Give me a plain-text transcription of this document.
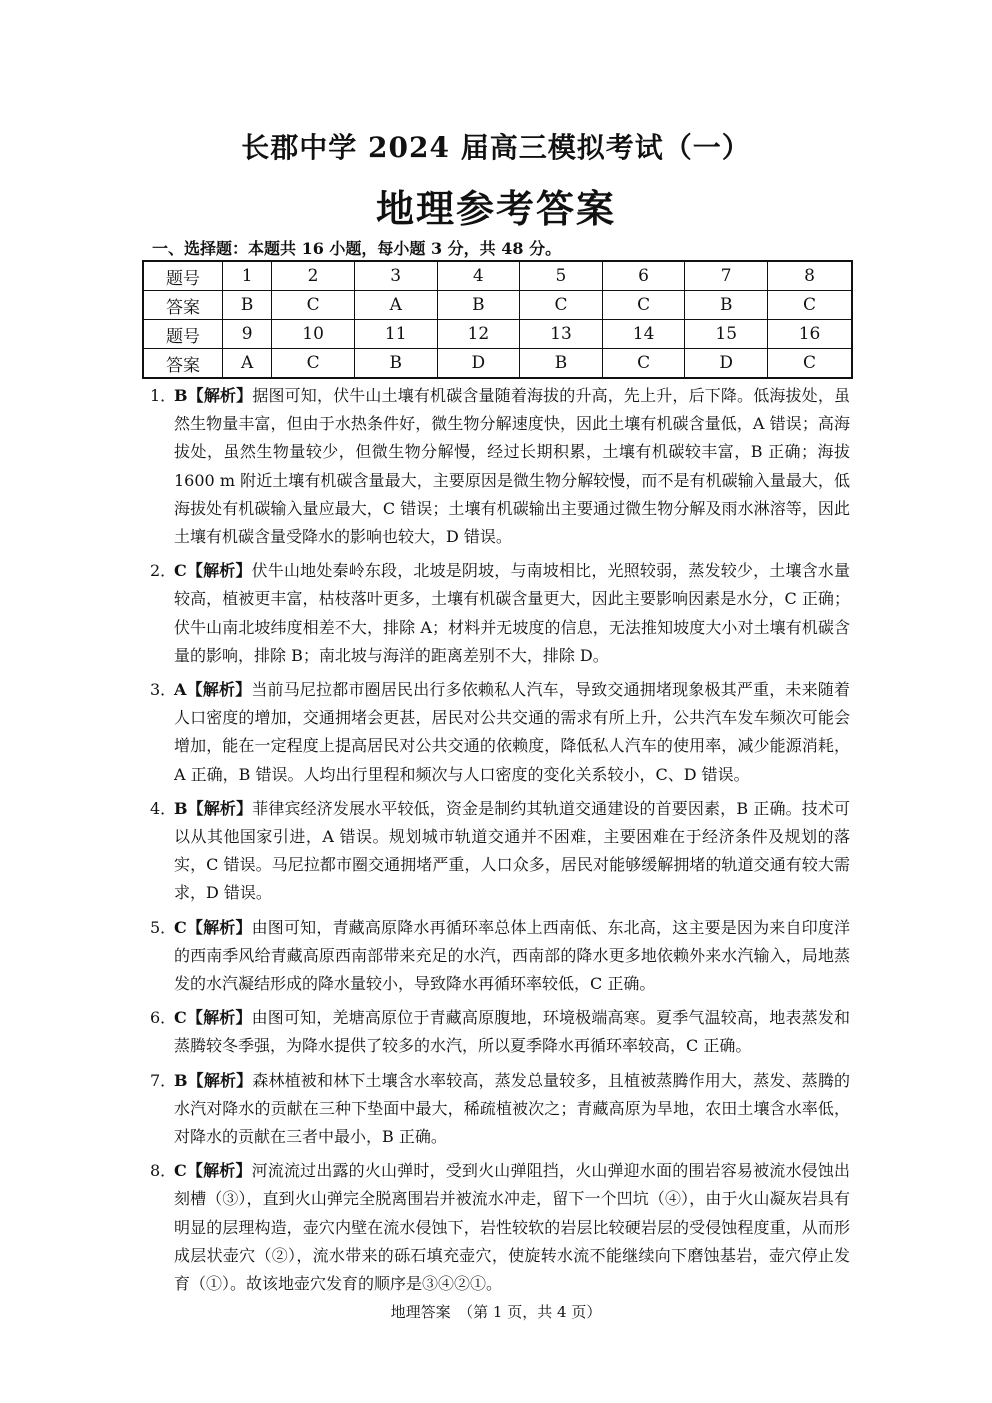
长郡中学 2024 届高三模拟考试（一）
地理参考答案
一、选择题：本题共 16 小题，每小题 3 分，共 48 分。
题号	1	2	3	4	5	6	7	8
答案	B	C	A	B	C	C	B	C
题号	9	10	11	12	13	14	15	16
答案	A	C	B	D	B	C	D	C
1．
B【解析】据图可知，伏牛山土壤有机碳含量随着海拔的升高，先上升，后下降。低海拔处，虽然生物量丰富，但由于水热条件好，微生物分解速度快，因此土壤有机碳含量低，A 错误；高海拔处，虽然生物量较少，但微生物分解慢，经过长期积累，土壤有机碳较丰富，B 正确；海拔 1600 m 附近土壤有机碳含量最大，主要原因是微生物分解较慢，而不是有机碳输入量最大，低海拔处有机碳输入量应最大，C 错误；土壤有机碳输出主要通过微生物分解及雨水淋溶等，因此土壤有机碳含量受降水的影响也较大，D 错误。
2．
C【解析】伏牛山地处秦岭东段，北坡是阴坡，与南坡相比，光照较弱，蒸发较少，土壤含水量较高，植被更丰富，枯枝落叶更多，土壤有机碳含量更大，因此主要影响因素是水分，C 正确；伏牛山南北坡纬度相差不大，排除 A；材料并无坡度的信息，无法推知坡度大小对土壤有机碳含量的影响，排除 B；南北坡与海洋的距离差别不大，排除 D。
3．
A【解析】当前马尼拉都市圈居民出行多依赖私人汽车，导致交通拥堵现象极其严重，未来随着人口密度的增加，交通拥堵会更甚，居民对公共交通的需求有所上升，公共汽车发车频次可能会增加，能在一定程度上提高居民对公共交通的依赖度，降低私人汽车的使用率，减少能源消耗，A 正确，B 错误。人均出行里程和频次与人口密度的变化关系较小，C、D 错误。
4．
B【解析】菲律宾经济发展水平较低，资金是制约其轨道交通建设的首要因素，B 正确。技术可以从其他国家引进，A 错误。规划城市轨道交通并不困难，主要困难在于经济条件及规划的落实，C 错误。马尼拉都市圈交通拥堵严重，人口众多，居民对能够缓解拥堵的轨道交通有较大需求，D 错误。
5．
C【解析】由图可知，青藏高原降水再循环率总体上西南低、东北高，这主要是因为来自印度洋的西南季风给青藏高原西南部带来充足的水汽，西南部的降水更多地依赖外来水汽输入，局地蒸发的水汽凝结形成的降水量较小，导致降水再循环率较低，C 正确。
6．
C【解析】由图可知，羌塘高原位于青藏高原腹地，环境极端高寒。夏季气温较高，地表蒸发和蒸腾较冬季强，为降水提供了较多的水汽，所以夏季降水再循环率较高，C 正确。
7．
B【解析】森林植被和林下土壤含水率较高，蒸发总量较多，且植被蒸腾作用大，蒸发、蒸腾的水汽对降水的贡献在三种下垫面中最大，稀疏植被次之；青藏高原为旱地，农田土壤含水率低，对降水的贡献在三者中最小，B 正确。
8．
C【解析】河流流过出露的火山弹时，受到火山弹阻挡，火山弹迎水面的围岩容易被流水侵蚀出刻槽（③），直到火山弹完全脱离围岩并被流水冲走，留下一个凹坑（④），由于火山凝灰岩具有明显的层理构造，壶穴内壁在流水侵蚀下，岩性较软的岩层比较硬岩层的受侵蚀程度重，从而形成层状壶穴（②），流水带来的砾石填充壶穴，使旋转水流不能继续向下磨蚀基岩，壶穴停止发育（①）。故该地壶穴发育的顺序是③④②①。
地理答案　（第 1 页，共 4 页）
